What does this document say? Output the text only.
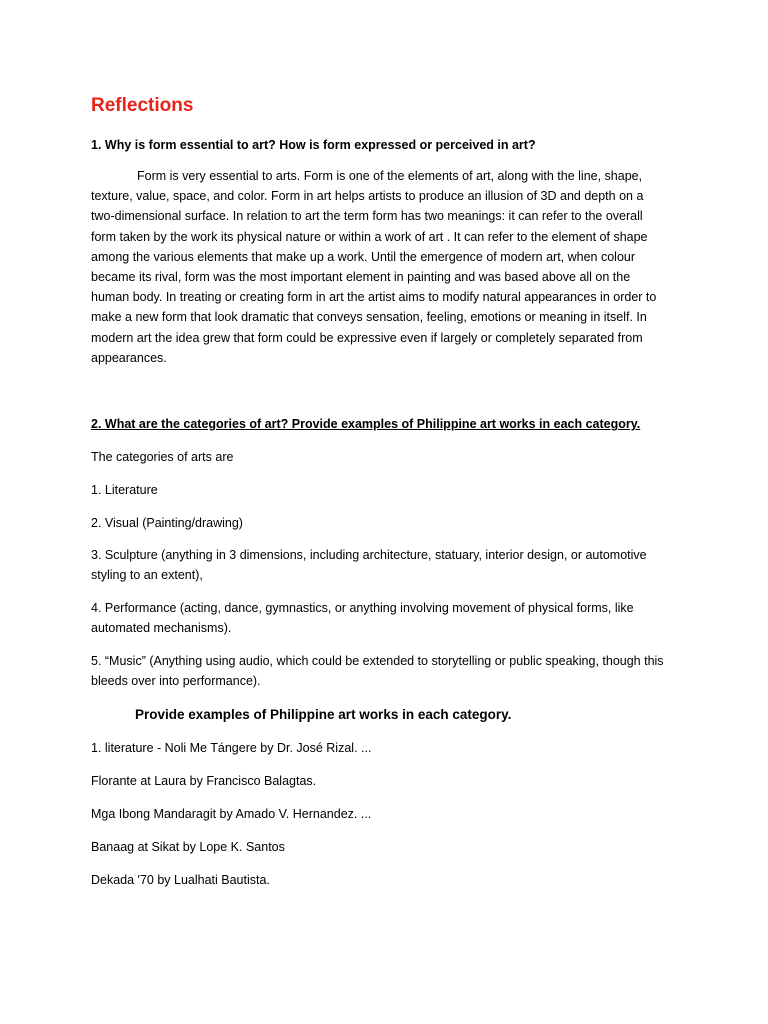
Reflections

1. Why is form essential to art? How is form expressed or perceived in art?

Form is very essential to arts. Form is one of the elements of art, along with the line, shape,
texture, value, space, and color. Form in art helps artists to produce an illusion of 3D and depth on a
two-dimensional surface. In relation to art the term form has two meanings: it can refer to the overall
form taken by the work its physical nature or within a work of art . It can refer to the element of shape
among the various elements that make up a work. Until the emergence of modern art, when colour
became its rival, form was the most important element in painting and was based above all on the
human body. In treating or creating form in art the artist aims to modify natural appearances in order to
make a new form that look dramatic that conveys sensation, feeling, emotions or meaning in itself. In
modern art the idea grew that form could be expressive even if largely or completely separated from
appearances.

2. What are the categories of art? Provide examples of Philippine art works in each category.

The categories of arts are

1. Literature

2. Visual (Painting/drawing)

3. Sculpture (anything in 3 dimensions, including architecture, statuary, interior design, or automotive
styling to an extent),

4. Performance (acting, dance, gymnastics, or anything involving movement of physical forms, like
automated mechanisms).

5. “Music” (Anything using audio, which could be extended to storytelling or public speaking, though this
bleeds over into performance).

Provide examples of Philippine art works in each category.

1. literature - Noli Me Tángere by Dr. José Rizal. ...

Florante at Laura by Francisco Balagtas.

Mga Ibong Mandaragit by Amado V. Hernandez. ...

Banaag at Sikat by Lope K. Santos

Dekada '70 by Lualhati Bautista.
